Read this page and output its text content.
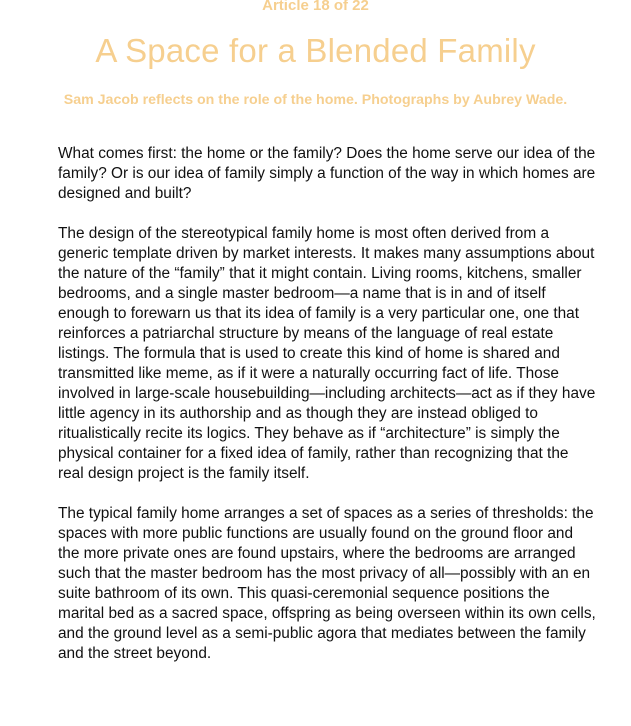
Article 18 of 22
A Space for a Blended Family
Sam Jacob reflects on the role of the home. Photographs by Aubrey Wade.

What comes first: the home or the family? Does the home serve our idea of the family? Or is our idea of family simply a function of the way in which homes are designed and built?

The design of the stereotypical family home is most often derived from a generic template driven by market interests. It makes many assumptions about the nature of the “family” that it might contain. Living rooms, kitchens, smaller bedrooms, and a single master bedroom—a name that is in and of itself enough to forewarn us that its idea of family is a very particular one, one that reinforces a patriarchal structure by means of the language of real estate listings. The formula that is used to create this kind of home is shared and transmitted like meme, as if it were a naturally occurring fact of life. Those involved in large-scale housebuilding—including architects—act as if they have little agency in its authorship and as though they are instead obliged to ritualistically recite its logics. They behave as if “architecture” is simply the physical container for a fixed idea of family, rather than recognizing that the real design project is the family itself.

The typical family home arranges a set of spaces as a series of thresholds: the spaces with more public functions are usually found on the ground floor and the more private ones are found upstairs, where the bedrooms are arranged such that the master bedroom has the most privacy of all—possibly with an en suite bathroom of its own. This quasi-ceremonial sequence positions the marital bed as a sacred space, offspring as being overseen within its own cells, and the ground level as a semi-public agora that mediates between the family and the street beyond.
